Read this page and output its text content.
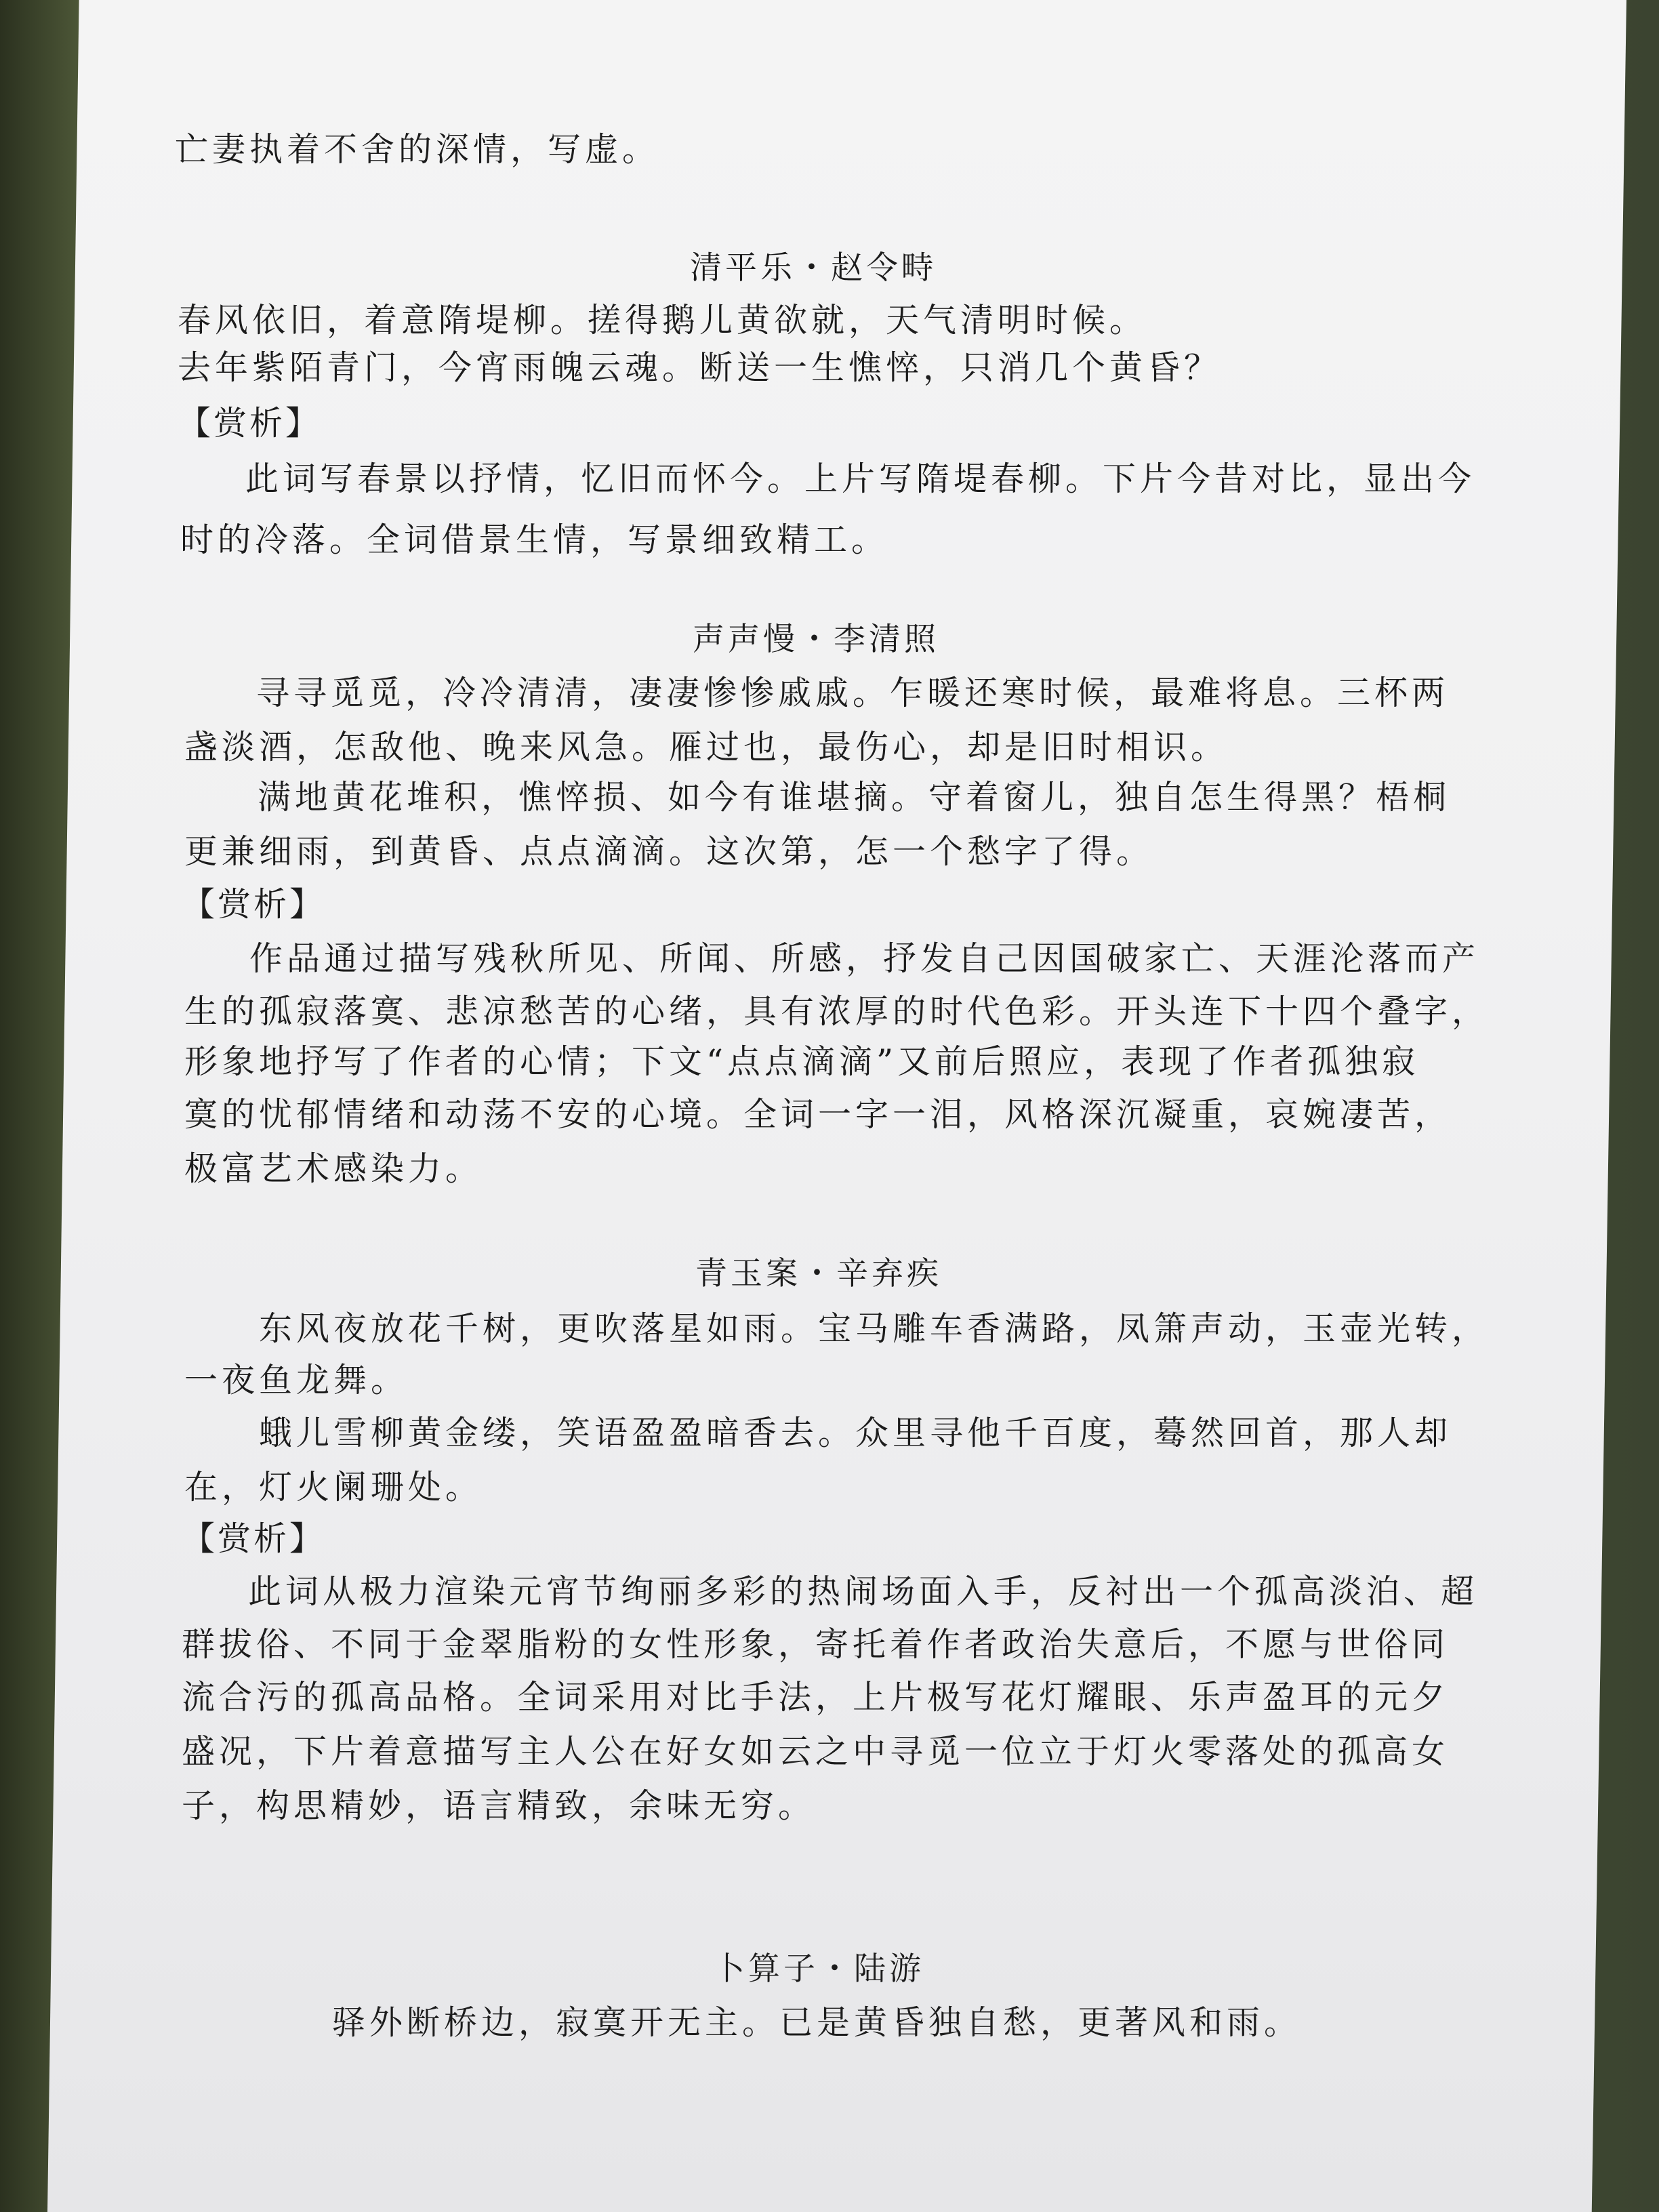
亡妻执着不舍的深情，写虚。
清平乐・赵令畤
春风依旧，着意隋堤柳。搓得鹅儿黄欲就，天气清明时候。
去年紫陌青门，今宵雨魄云魂。断送一生憔悴，只消几个黄昏？
【赏析】
此词写春景以抒情，忆旧而怀今。上片写隋堤春柳。下片今昔对比，显出今
时的冷落。全词借景生情，写景细致精工。
声声慢・李清照
寻寻觅觅，冷冷清清，凄凄惨惨戚戚。乍暖还寒时候，最难将息。三杯两
盏淡酒，怎敌他、晚来风急。雁过也，最伤心，却是旧时相识。
满地黄花堆积，憔悴损、如今有谁堪摘。守着窗儿，独自怎生得黑？梧桐
更兼细雨，到黄昏、点点滴滴。这次第，怎一个愁字了得。
【赏析】
作品通过描写残秋所见、所闻、所感，抒发自己因国破家亡、天涯沦落而产
生的孤寂落寞、悲凉愁苦的心绪，具有浓厚的时代色彩。开头连下十四个叠字，
形象地抒写了作者的心情；下文“点点滴滴”又前后照应，表现了作者孤独寂
寞的忧郁情绪和动荡不安的心境。全词一字一泪，风格深沉凝重，哀婉凄苦，
极富艺术感染力。
青玉案・辛弃疾
东风夜放花千树，更吹落星如雨。宝马雕车香满路，凤箫声动，玉壶光转，
一夜鱼龙舞。
蛾儿雪柳黄金缕，笑语盈盈暗香去。众里寻他千百度，蓦然回首，那人却
在，灯火阑珊处。
【赏析】
此词从极力渲染元宵节绚丽多彩的热闹场面入手，反衬出一个孤高淡泊、超
群拔俗、不同于金翠脂粉的女性形象，寄托着作者政治失意后，不愿与世俗同
流合污的孤高品格。全词采用对比手法，上片极写花灯耀眼、乐声盈耳的元夕
盛况，下片着意描写主人公在好女如云之中寻觅一位立于灯火零落处的孤高女
子，构思精妙，语言精致，余味无穷。
卜算子・陆游
驿外断桥边，寂寞开无主。已是黄昏独自愁，更著风和雨。
